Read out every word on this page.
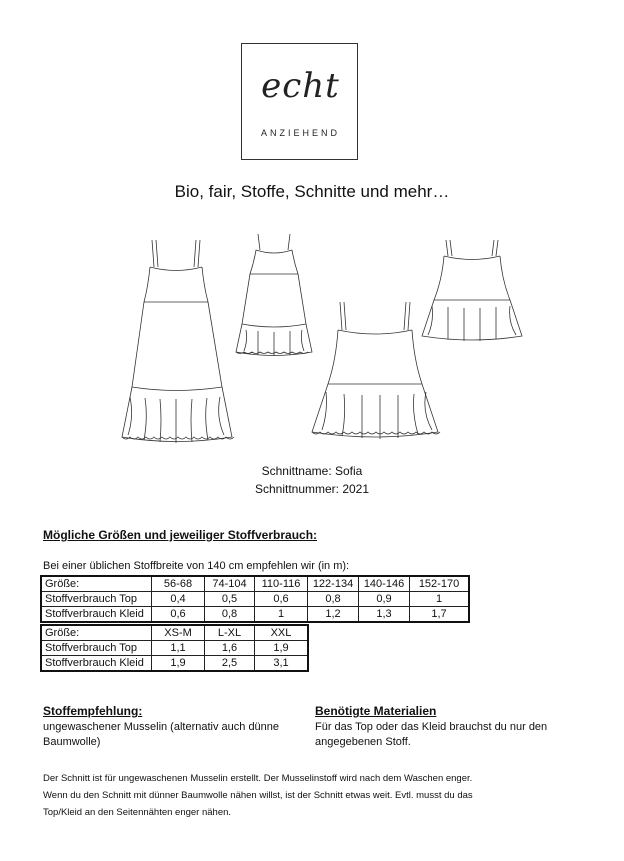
echt
ANZIEHEND
Bio, fair, Stoffe, Schnitte und mehr…
Schnittname: Sofia
Schnittnummer: 2021
Mögliche Größen und jeweiliger Stoffverbrauch:
Bei einer üblichen Stoffbreite von 140 cm empfehlen wir (in m):
Größe:	56-68	74-104	110-116	122-134	140-146	152-170
Stoffverbrauch Top	0,4	0,5	0,6	0,8	0,9	1
Stoffverbrauch Kleid	0,6	0,8	1	1,2	1,3	1,7
Größe:	XS-M	L-XL	XXL
Stoffverbrauch Top	1,1	1,6	1,9
Stoffverbrauch Kleid	1,9	2,5	3,1
Stoffempfehlung:
ungewaschener Musselin (alternativ auch dünne Baumwolle)
Benötigte Materialien
Für das Top oder das Kleid brauchst du nur den angegebenen Stoff.
Der Schnitt ist für ungewaschenen Musselin erstellt. Der Musselinstoff wird nach dem Waschen enger.
Wenn du den Schnitt mit dünner Baumwolle nähen willst, ist der Schnitt etwas weit. Evtl. musst du das
Top/Kleid an den Seitennähten enger nähen.
